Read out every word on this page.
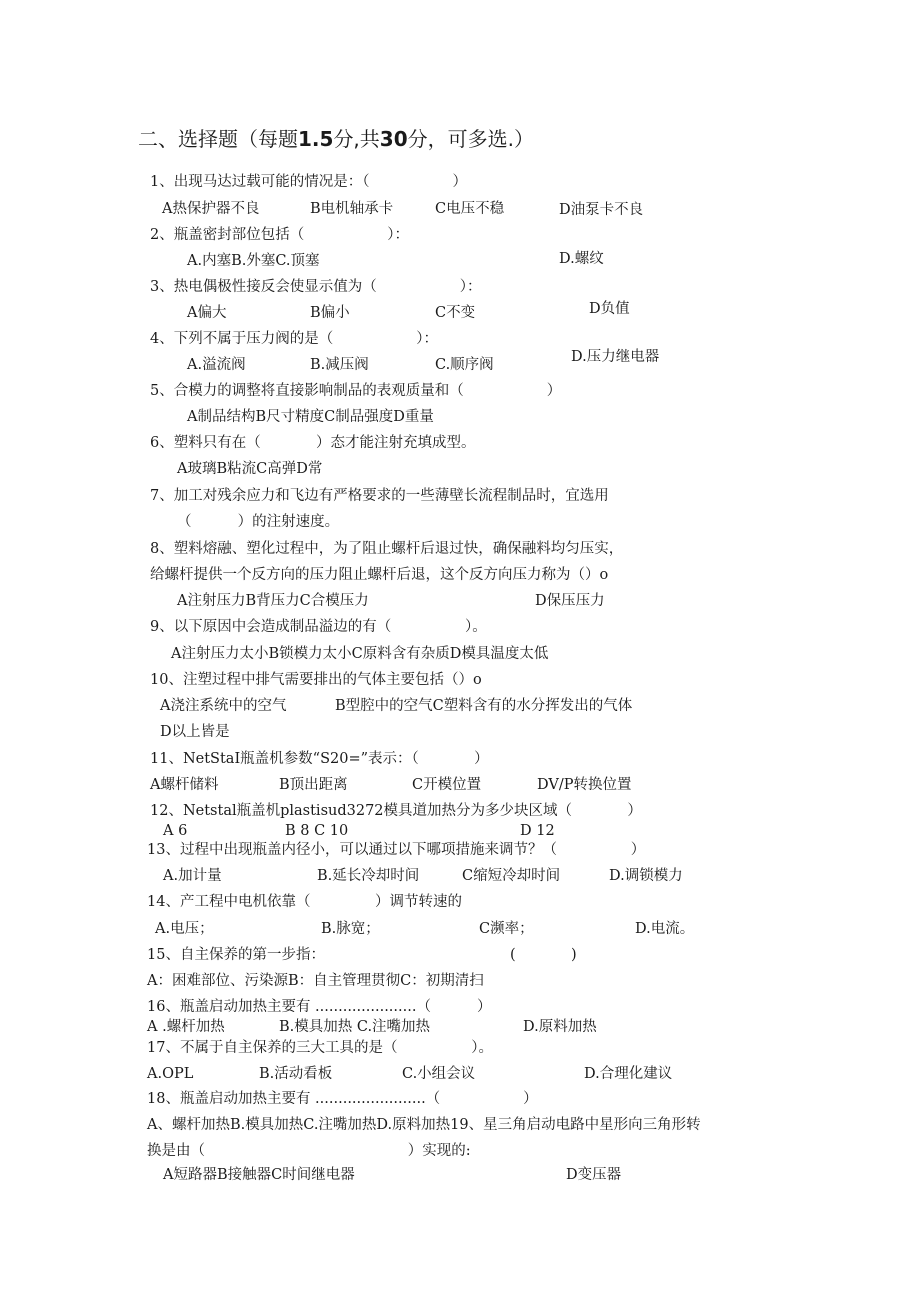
二、选择题（每题1.5分,共30分，可多选.）
1、出现马达过载可能的情况是：（                  ）
A热保护器不良	B电机轴承卡	C电压不稳	D油泵卡不良
2、瓶盖密封部位包括（                  ）：
A.内塞B.外塞C.顶塞	D.螺纹
3、热电偶极性接反会使显示值为（                  ）：
A偏大	B偏小	C不变	D负值
4、下列不属于压力阀的是（                  ）：
A.溢流阀	B.减压阀	C.顺序阀	D.压力继电器
5、合模力的调整将直接影响制品的表观质量和（                  ）
A制品结构B尺寸精度C制品强度D重量
6、塑料只有在（            ）态才能注射充填成型。
A玻璃B粘流C高弹D常
7、加工对残余应力和飞边有严格要求的一些薄壁长流程制品时，宜选用
（          ）的注射速度。
8、塑料熔融、塑化过程中，为了阻止螺杆后退过快，确保融料均匀压实，
给螺杆提供一个反方向的压力阻止螺杆后退，这个反方向压力称为（）o
A注射压力B背压力C合模压力	D保压压力
9、以下原因中会造成制品溢边的有（                ）。
A注射压力太小B锁模力太小C原料含有杂质D模具温度太低
10、注塑过程中排气需要排出的气体主要包括（）o
A浇注系统中的空气	B型腔中的空气C塑料含有的水分挥发出的气体
D以上皆是
11、NetStaI瓶盖机参数“S20=”表示：（            ）
A螺杆储料	B顶出距离	C开模位置	DV/P转换位置
12、Netstal瓶盖机plastisud3272模具道加热分为多少块区域（            ）
A 6	B 8 C 10	D 12
13、过程中出现瓶盖内径小，可以通过以下哪项措施来调节？（                ）
A.加计量	B.延长冷却时间	C缩短冷却时间	D.调锁模力
14、产工程中电机依靠（              ）调节转速的
A.电压；	B.脉宽；	C濒率；	D.电流。
15、自主保养的第一步指：	(            )
A：困难部位、污染源B：自主管理贯彻C：初期清扫
16、瓶盖启动加热主要有 ......................（          ）
A .螺杆加热	B.模具加热 C.注嘴加热	D.原料加热
17、不属于自主保养的三大工具的是（                ）。
A.OPL	B.活动看板	C.小组会议	D.合理化建议
18、瓶盖启动加热主要有 ........................（                  ）
A、螺杆加热B.模具加热C.注嘴加热D.原料加热19、星三角启动电路中星形向三角形转
换是由（                                            ）实现的:
A短路器B接触器C时间继电器	D变压器
